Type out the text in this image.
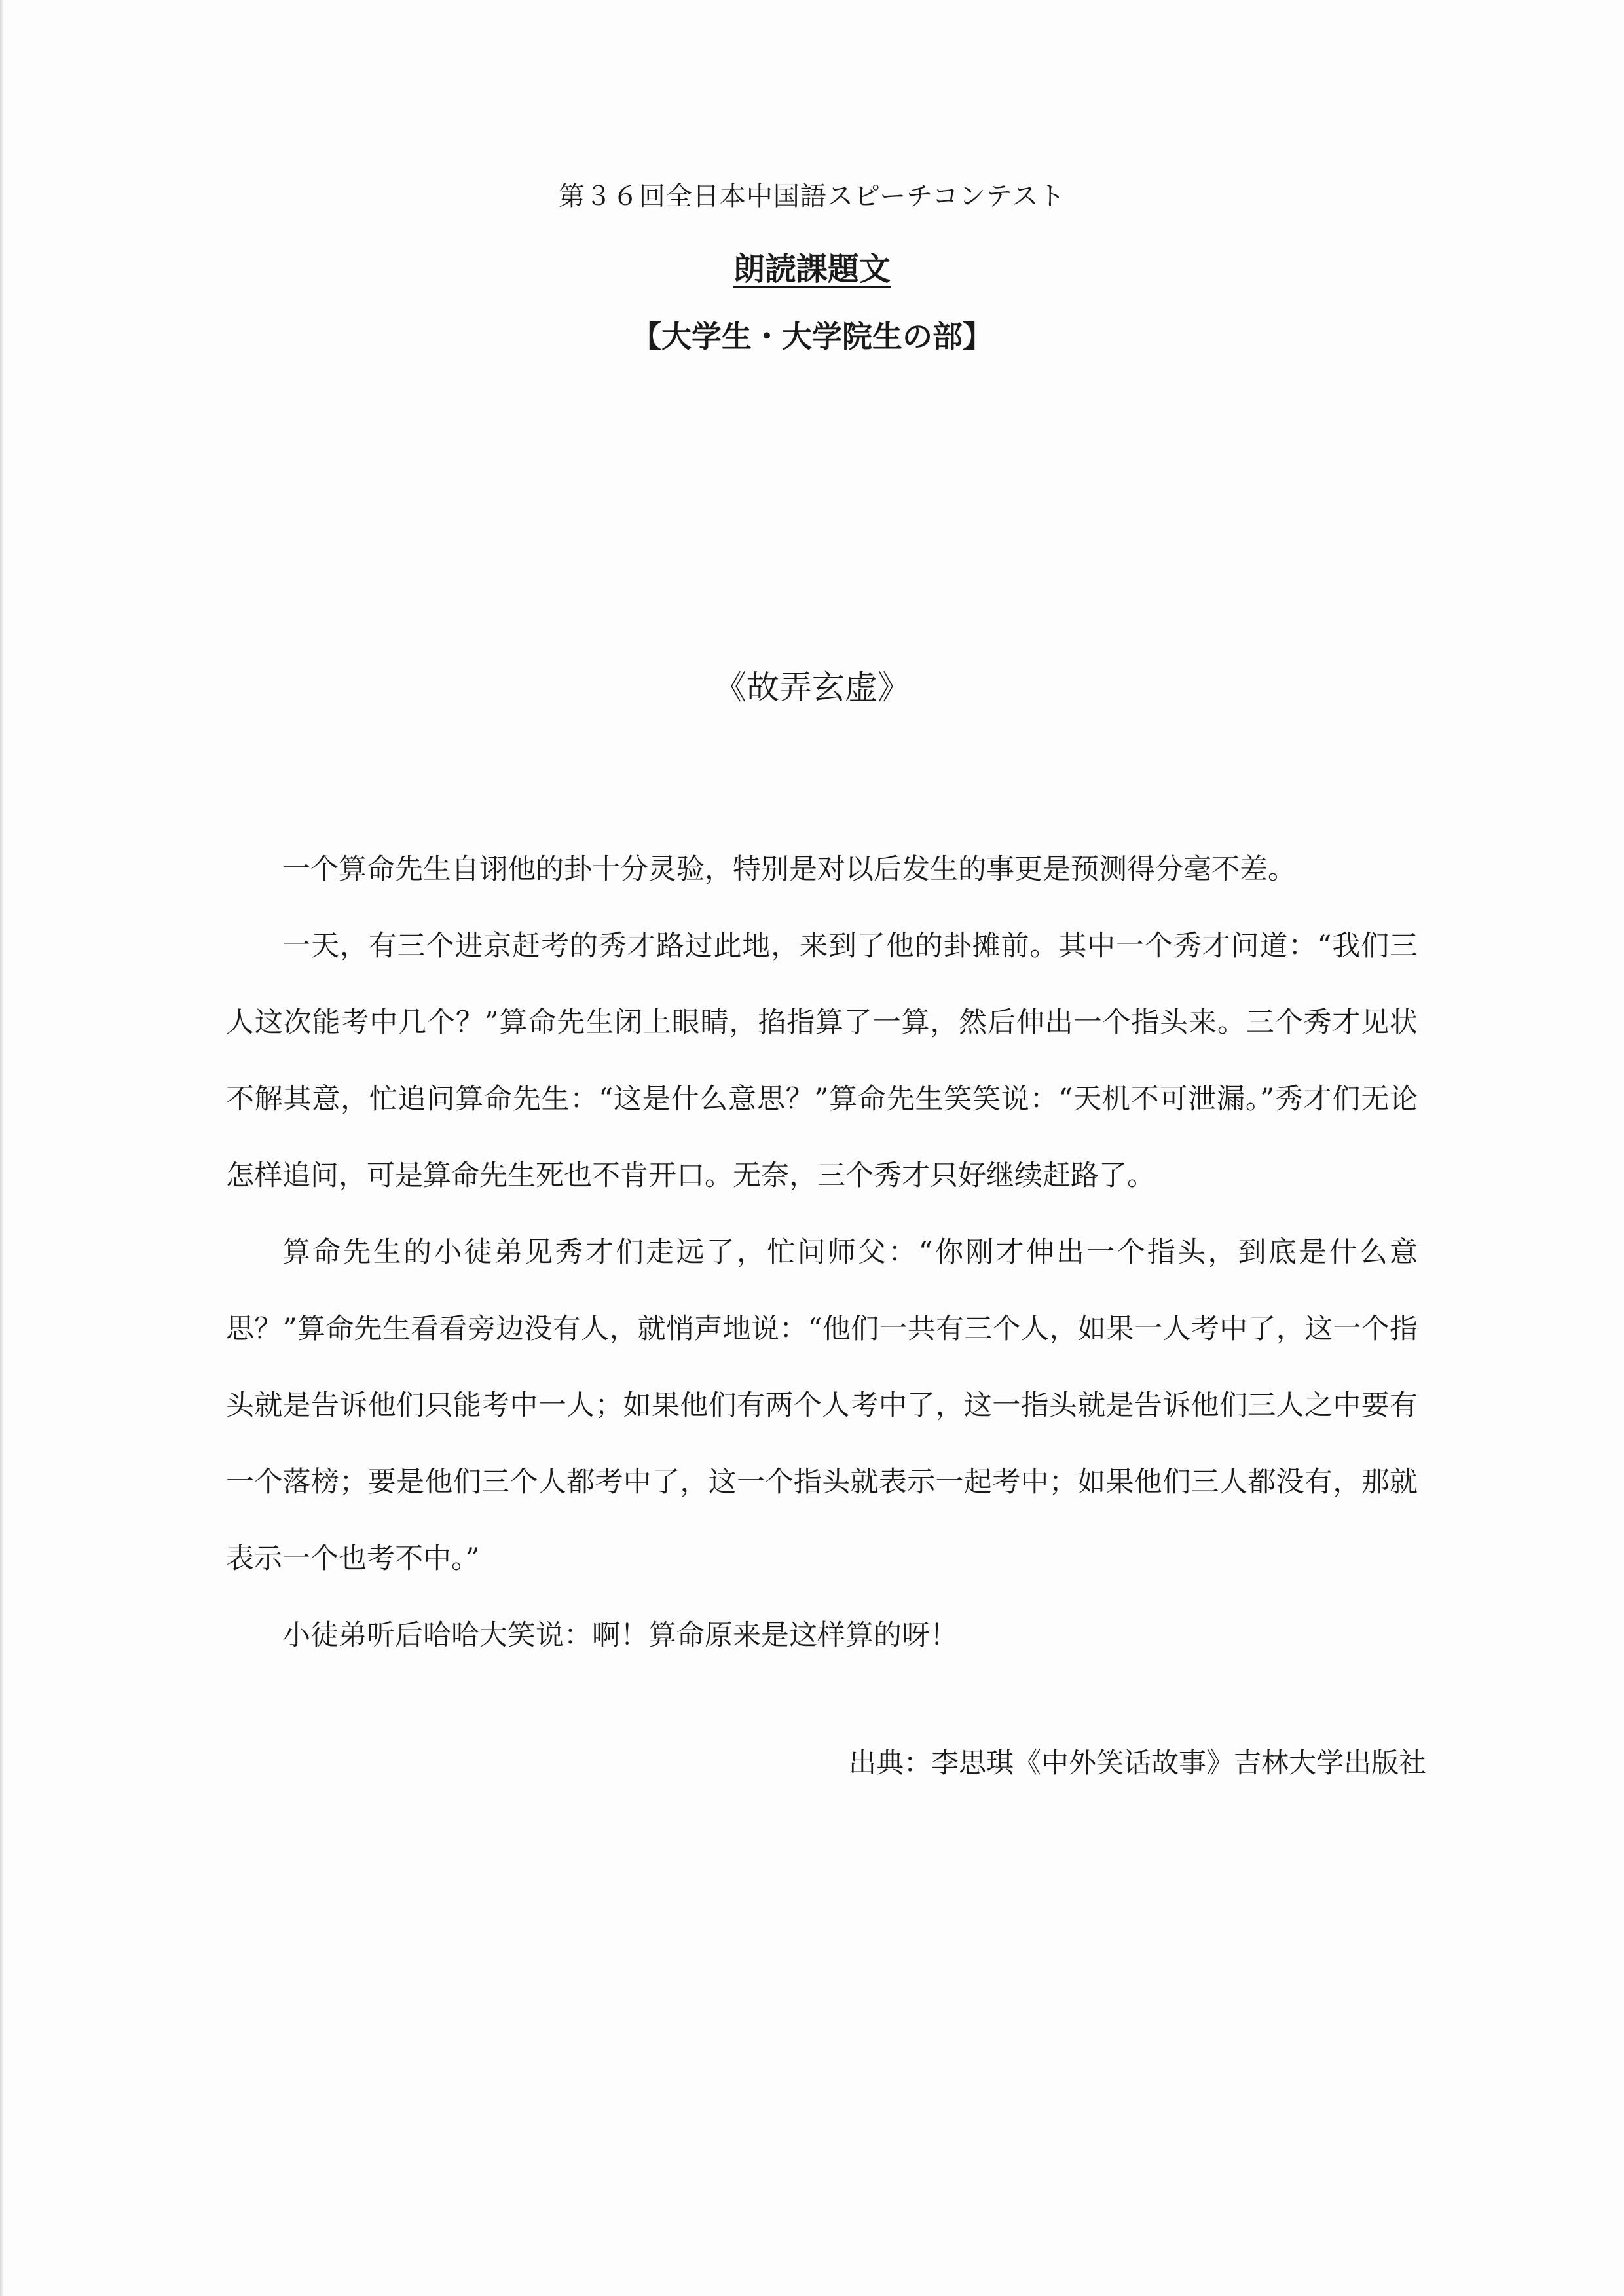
第３６回全日本中国語スピーチコンテスト
朗読課題文
【大学生・大学院生の部】
《故弄玄虚》

一个算命先生自诩他的卦十分灵验，特别是对以后发生的事更是预测得分毫不差。

一天，有三个进京赶考的秀才路过此地，来到了他的卦摊前。其中一个秀才问道：“我们三人这次能考中几个？”算命先生闭上眼睛，掐指算了一算，然后伸出一个指头来。三个秀才见状不解其意，忙追问算命先生：“这是什么意思？”算命先生笑笑说：“天机不可泄漏。”秀才们无论怎样追问，可是算命先生死也不肯开口。无奈，三个秀才只好继续赶路了。

算命先生的小徒弟见秀才们走远了，忙问师父：“你刚才伸出一个指头，到底是什么意思？”算命先生看看旁边没有人，就悄声地说：“他们一共有三个人，如果一人考中了，这一个指头就是告诉他们只能考中一人；如果他们有两个人考中了，这一指头就是告诉他们三人之中要有一个落榜；要是他们三个人都考中了，这一个指头就表示一起考中；如果他们三人都没有，那就表示一个也考不中。”

小徒弟听后哈哈大笑说：啊！算命原来是这样算的呀！

出典：李思琪《中外笑话故事》吉林大学出版社
